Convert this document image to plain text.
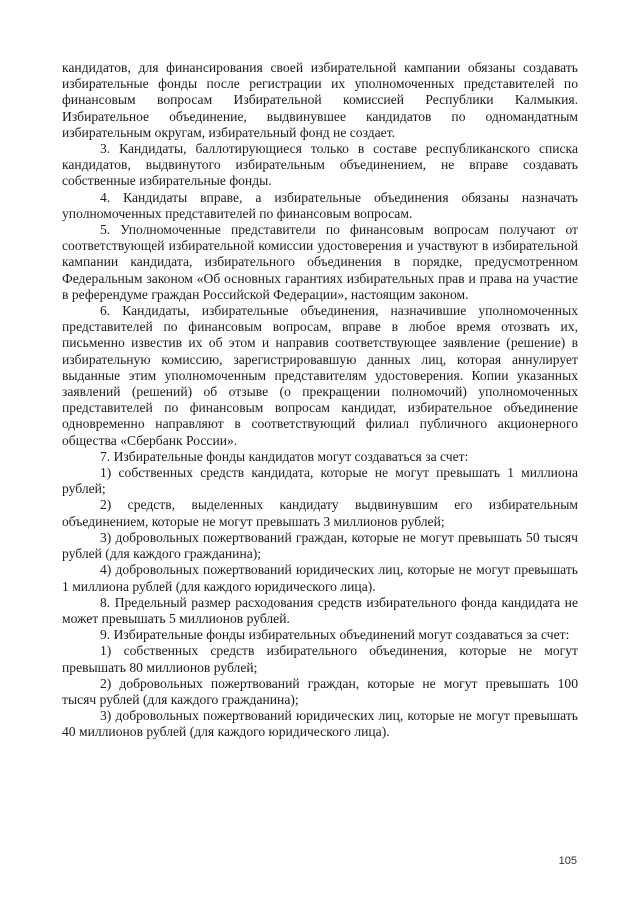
кандидатов, для финансирования своей избирательной кампании обязаны создавать избирательные фонды после регистрации их уполномоченных представителей по финансовым вопросам Избирательной комиссией Республики Калмыкия. Избирательное объединение, выдвинувшее кандидатов по одномандатным избирательным округам, избирательный фонд не создает.

3. Кандидаты, баллотирующиеся только в составе республиканского списка кандидатов, выдвинутого избирательным объединением, не вправе создавать собственные избирательные фонды.

4. Кандидаты вправе, а избирательные объединения обязаны назначать уполномоченных представителей по финансовым вопросам.

5. Уполномоченные представители по финансовым вопросам получают от соответствующей избирательной комиссии удостоверения и участвуют в избирательной кампании кандидата, избирательного объединения в порядке, предусмотренном Федеральным законом «Об основных гарантиях избирательных прав и права на участие в референдуме граждан Российской Федерации», настоящим законом.

6. Кандидаты, избирательные объединения, назначившие уполномоченных представителей по финансовым вопросам, вправе в любое время отозвать их, письменно известив их об этом и направив соответствующее заявление (решение) в избирательную комиссию, зарегистрировавшую данных лиц, которая аннулирует выданные этим уполномоченным представителям удостоверения. Копии указанных заявлений (решений) об отзыве (о прекращении полномочий) уполномоченных представителей по финансовым вопросам кандидат, избирательное объединение одновременно направляют в соответствующий филиал публичного акционерного общества «Сбербанк России».

7. Избирательные фонды кандидатов могут создаваться за счет:

1) собственных средств кандидата, которые не могут превышать 1 миллиона рублей;

2) средств, выделенных кандидату выдвинувшим его избирательным объединением, которые не могут превышать 3 миллионов рублей;

3) добровольных пожертвований граждан, которые не могут превышать 50 тысяч рублей (для каждого гражданина);

4) добровольных пожертвований юридических лиц, которые не могут превышать 1 миллиона рублей (для каждого юридического лица).

8. Предельный размер расходования средств избирательного фонда кандидата не может превышать 5 миллионов рублей.

9. Избирательные фонды избирательных объединений могут создаваться за счет:

1) собственных средств избирательного объединения, которые не могут превышать 80 миллионов рублей;

2) добровольных пожертвований граждан, которые не могут превышать 100 тысяч рублей (для каждого гражданина);

3) добровольных пожертвований юридических лиц, которые не могут превышать 40 миллионов рублей (для каждого юридического лица).

105
